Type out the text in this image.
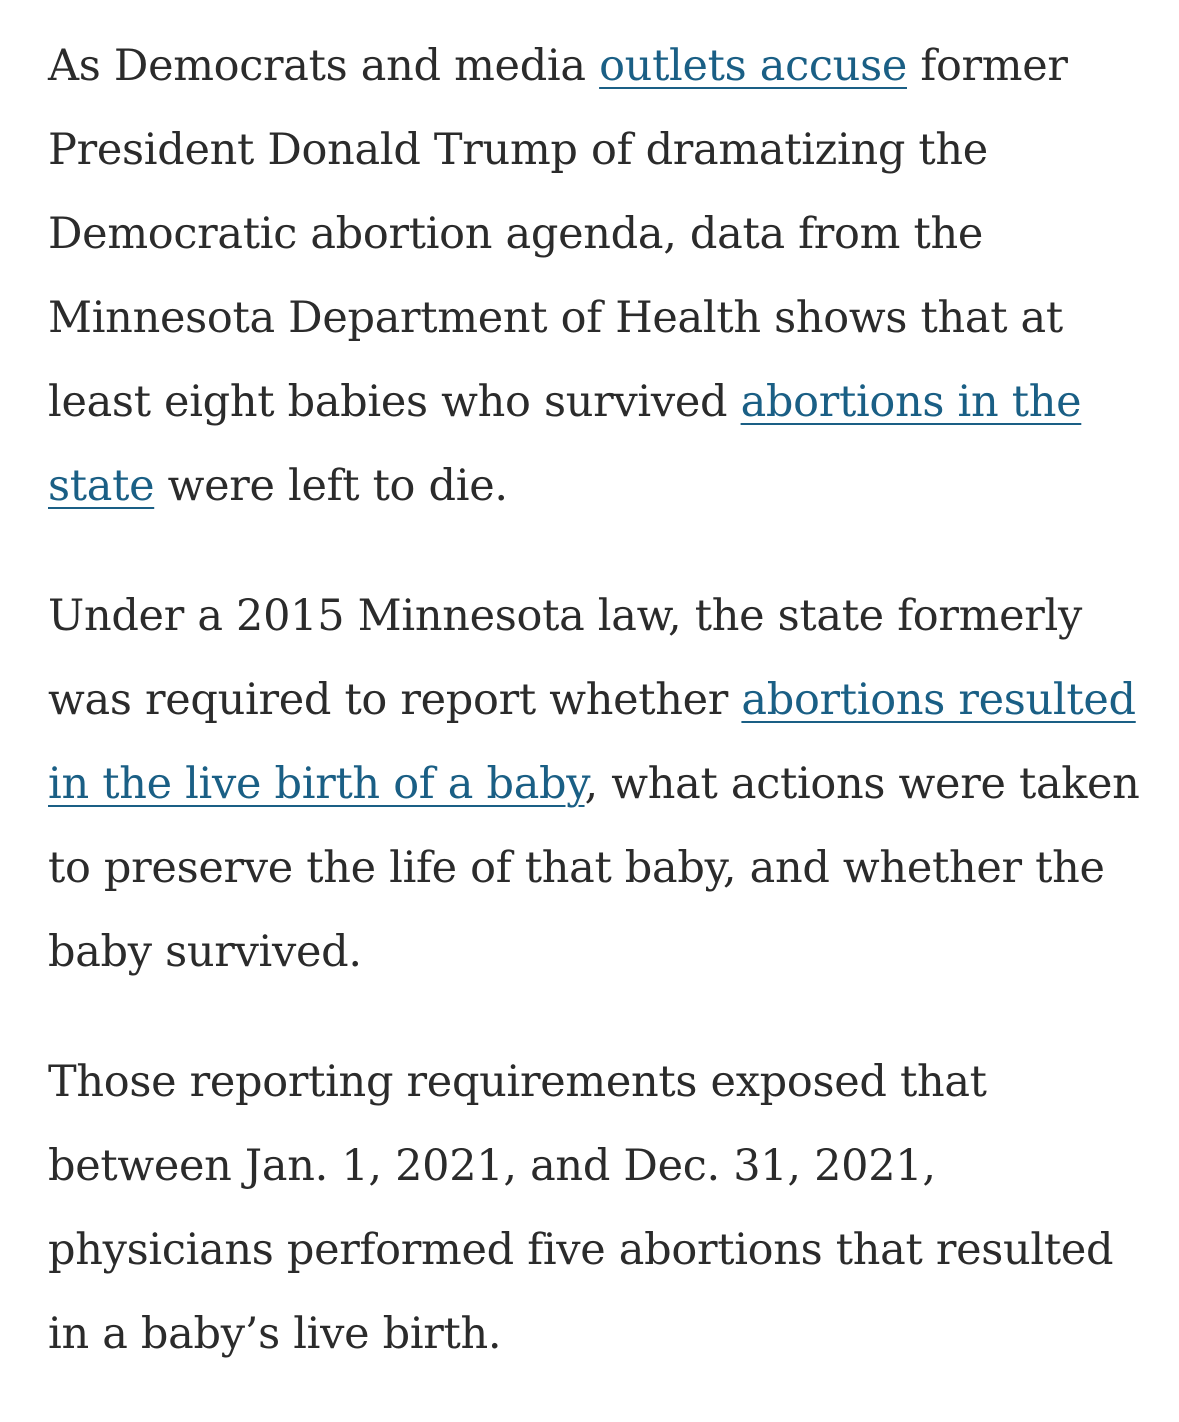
As Democrats and media outlets accuse former
President Donald Trump of dramatizing the
Democratic abortion agenda, data from the
Minnesota Department of Health shows that at
least eight babies who survived abortions in the
state were left to die.

Under a 2015 Minnesota law, the state formerly
was required to report whether abortions resulted
in the live birth of a baby, what actions were taken
to preserve the life of that baby, and whether the
baby survived.

Those reporting requirements exposed that
between Jan. 1, 2021, and Dec. 31, 2021,
physicians performed five abortions that resulted
in a baby’s live birth.
